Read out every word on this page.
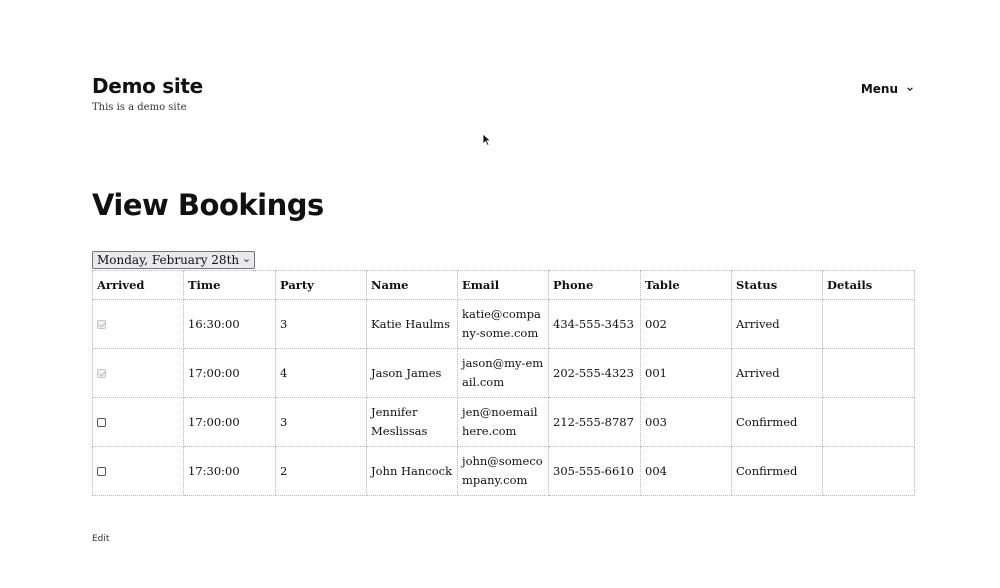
Demo site
This is a demo site
Menu
View Bookings
Monday, February 28th
Arrived	Time	Party	Name	Email	Phone	Table	Status	Details
	16:30:00	3	Katie Haulms	katie@company-some.com	434-555-3453	002	Arrived	
	17:00:00	4	Jason James	jason@my-email.com	202-555-4323	001	Arrived	
	17:00:00	3	Jennifer Meslissas	jen@noemailhere.com	212-555-8787	003	Confirmed	
	17:30:00	2	John Hancock	john@somecompany.com	305-555-6610	004	Confirmed	
Edit
